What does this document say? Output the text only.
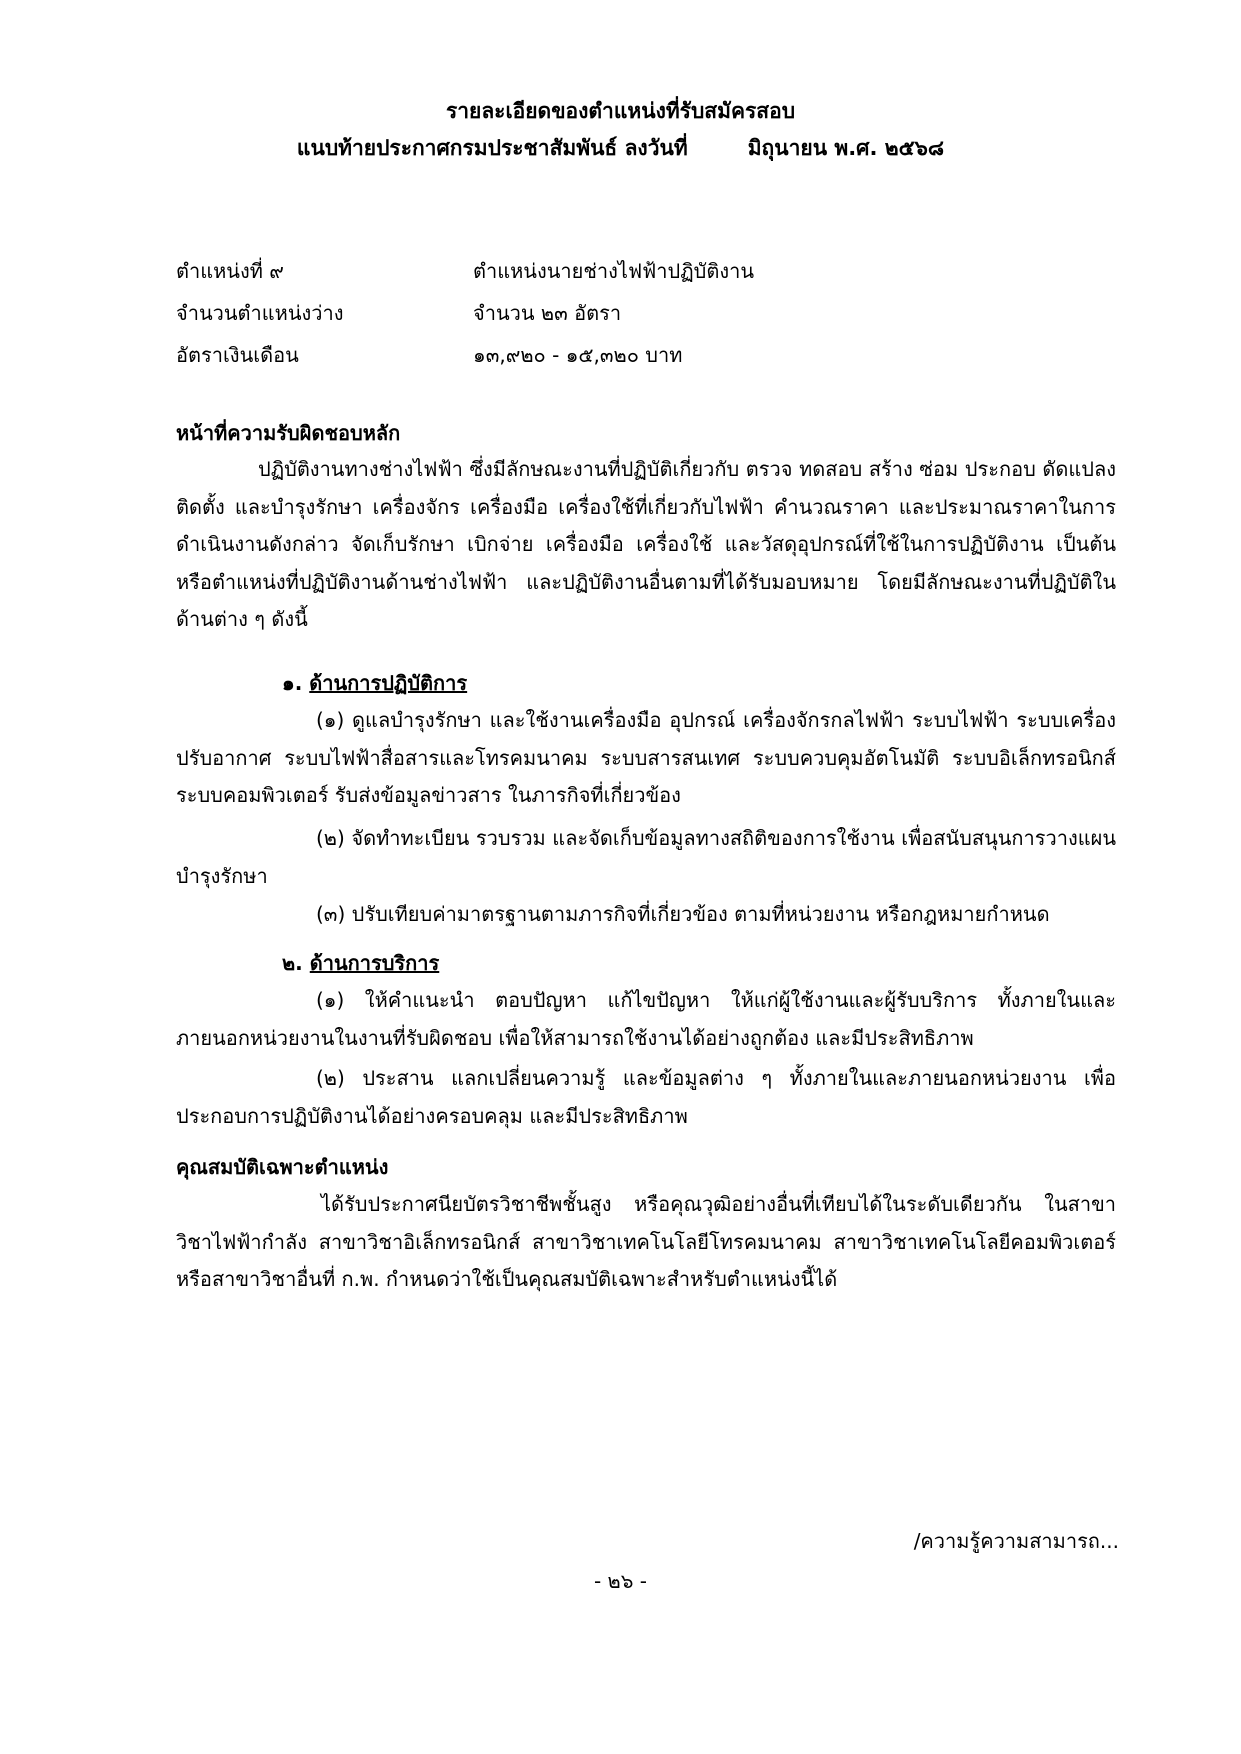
รายละเอียดของตำแหน่งที่รับสมัครสอบ
แนบท้ายประกาศกรมประชาสัมพันธ์ ลงวันที่	มิถุนายน พ.ศ. ๒๕๖๘
ตำแหน่งที่ ๙	ตำแหน่งนายช่างไฟฟ้าปฏิบัติงาน
จำนวนตำแหน่งว่าง	จำนวน ๒๓ อัตรา
อัตราเงินเดือน	๑๓,๙๒๐ - ๑๕,๓๒๐ บาท
หน้าที่ความรับผิดชอบหลัก
ปฏิบัติงานทางช่างไฟฟ้า ซึ่งมีลักษณะงานที่ปฏิบัติเกี่ยวกับ ตรวจ ทดสอบ สร้าง ซ่อม ประกอบ ดัดแปลง ติดตั้ง และบำรุงรักษา เครื่องจักร เครื่องมือ เครื่องใช้ที่เกี่ยวกับไฟฟ้า คำนวณราคา และประมาณราคาในการดำเนินงานดังกล่าว จัดเก็บรักษา เบิกจ่าย เครื่องมือ เครื่องใช้ และวัสดุอุปกรณ์ที่ใช้ในการปฏิบัติงาน เป็นต้น หรือตำแหน่งที่ปฏิบัติงานด้านช่างไฟฟ้า และปฏิบัติงานอื่นตามที่ได้รับมอบหมาย โดยมีลักษณะงานที่ปฏิบัติในด้านต่าง ๆ ดังนี้
๑. ด้านการปฏิบัติการ
(๑) ดูแลบำรุงรักษา และใช้งานเครื่องมือ อุปกรณ์ เครื่องจักรกลไฟฟ้า ระบบไฟฟ้า ระบบเครื่องปรับอากาศ ระบบไฟฟ้าสื่อสารและโทรคมนาคม ระบบสารสนเทศ ระบบควบคุมอัตโนมัติ ระบบอิเล็กทรอนิกส์ ระบบคอมพิวเตอร์ รับส่งข้อมูลข่าวสาร ในภารกิจที่เกี่ยวข้อง
(๒) จัดทำทะเบียน รวบรวม และจัดเก็บข้อมูลทางสถิติของการใช้งาน เพื่อสนับสนุนการวางแผนบำรุงรักษา
(๓) ปรับเทียบค่ามาตรฐานตามภารกิจที่เกี่ยวข้อง ตามที่หน่วยงาน หรือกฎหมายกำหนด
๒. ด้านการบริการ
(๑) ให้คำแนะนำ ตอบปัญหา แก้ไขปัญหา ให้แก่ผู้ใช้งานและผู้รับบริการ ทั้งภายในและภายนอกหน่วยงานในงานที่รับผิดชอบ เพื่อให้สามารถใช้งานได้อย่างถูกต้อง และมีประสิทธิภาพ
(๒) ประสาน แลกเปลี่ยนความรู้ และข้อมูลต่าง ๆ ทั้งภายในและภายนอกหน่วยงาน เพื่อประกอบการปฏิบัติงานได้อย่างครอบคลุม และมีประสิทธิภาพ
คุณสมบัติเฉพาะตำแหน่ง
ได้รับประกาศนียบัตรวิชาชีพชั้นสูง หรือคุณวุฒิอย่างอื่นที่เทียบได้ในระดับเดียวกัน ในสาขาวิชาไฟฟ้ากำลัง สาขาวิชาอิเล็กทรอนิกส์ สาขาวิชาเทคโนโลยีโทรคมนาคม สาขาวิชาเทคโนโลยีคอมพิวเตอร์ หรือสาขาวิชาอื่นที่ ก.พ. กำหนดว่าใช้เป็นคุณสมบัติเฉพาะสำหรับตำแหน่งนี้ได้
/ความรู้ความสามารถ...
- ๒๖ -
